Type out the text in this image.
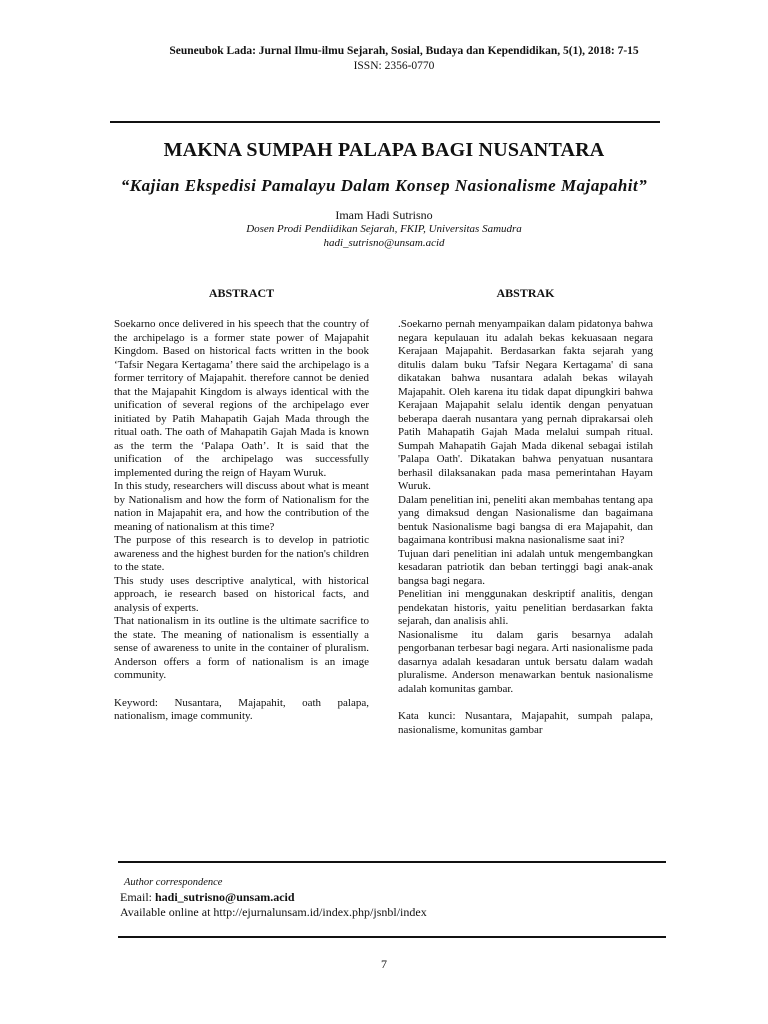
Seuneubok Lada: Jurnal Ilmu-ilmu Sejarah, Sosial, Budaya dan Kependidikan, 5(1), 2018: 7-15
ISSN: 2356-0770
MAKNA SUMPAH PALAPA BAGI NUSANTARA
“Kajian Ekspedisi Pamalayu Dalam Konsep Nasionalisme Majapahit”
Imam Hadi Sutrisno
Dosen Prodi Pendiidikan Sejarah, FKIP, Universitas Samudra
hadi_sutrisno@unsam.acid
ABSTRACT

Soekarno once delivered in his speech that the country of the archipelago is a former state power of Majapahit Kingdom. Based on historical facts written in the book ‘Tafsir Negara Kertagama’ there said the archipelago is a former territory of Majapahit. therefore cannot be denied that the Majapahit Kingdom is always identical with the unification of several regions of the archipelago ever initiated by Patih Mahapatih Gajah Mada through the ritual oath. The oath of Mahapatih Gajah Mada is known as the term the ‘Palapa Oath’. It is said that the unification of the archipelago was successfully implemented during the reign of Hayam Wuruk.

In this study, researchers will discuss about what is meant by Nationalism and how the form of Nationalism for the nation in Majapahit era, and how the contribution of the meaning of nationalism at this time?

The purpose of this research is to develop in patriotic awareness and the highest burden for the nation's children to the state.

This study uses descriptive analytical, with historical approach, ie research based on historical facts, and analysis of experts.

That nationalism in its outline is the ultimate sacrifice to the state. The meaning of nationalism is essentially a sense of awareness to unite in the container of pluralism. Anderson offers a form of nationalism is an image community.

Keyword: Nusantara, Majapahit, oath palapa, nationalism, image community.

ABSTRAK

.Soekarno pernah menyampaikan dalam pidatonya bahwa negara kepulauan itu adalah bekas kekuasaan negara Kerajaan Majapahit. Berdasarkan fakta sejarah yang ditulis dalam buku 'Tafsir Negara Kertagama' di sana dikatakan bahwa nusantara adalah bekas wilayah Majapahit. Oleh karena itu tidak dapat dipungkiri bahwa Kerajaan Majapahit selalu identik dengan penyatuan beberapa daerah nusantara yang pernah diprakarsai oleh Patih Mahapatih Gajah Mada melalui sumpah ritual. Sumpah Mahapatih Gajah Mada dikenal sebagai istilah 'Palapa Oath'. Dikatakan bahwa penyatuan nusantara berhasil dilaksanakan pada masa pemerintahan Hayam Wuruk.

Dalam penelitian ini, peneliti akan membahas tentang apa yang dimaksud dengan Nasionalisme dan bagaimana bentuk Nasionalisme bagi bangsa di era Majapahit, dan bagaimana kontribusi makna nasionalisme saat ini?

Tujuan dari penelitian ini adalah untuk mengembangkan kesadaran patriotik dan beban tertinggi bagi anak-anak bangsa bagi negara.

Penelitian ini menggunakan deskriptif analitis, dengan pendekatan historis, yaitu penelitian berdasarkan fakta sejarah, dan analisis ahli.

Nasionalisme itu dalam garis besarnya adalah pengorbanan terbesar bagi negara. Arti nasionalisme pada dasarnya adalah kesadaran untuk bersatu dalam wadah pluralisme. Anderson menawarkan bentuk nasionalisme adalah komunitas gambar.

Kata kunci: Nusantara, Majapahit, sumpah palapa, nasionalisme, komunitas gambar

Author correspondence
Email: hadi_sutrisno@unsam.acid
Available online at http://ejurnalunsam.id/index.php/jsnbl/index
7
